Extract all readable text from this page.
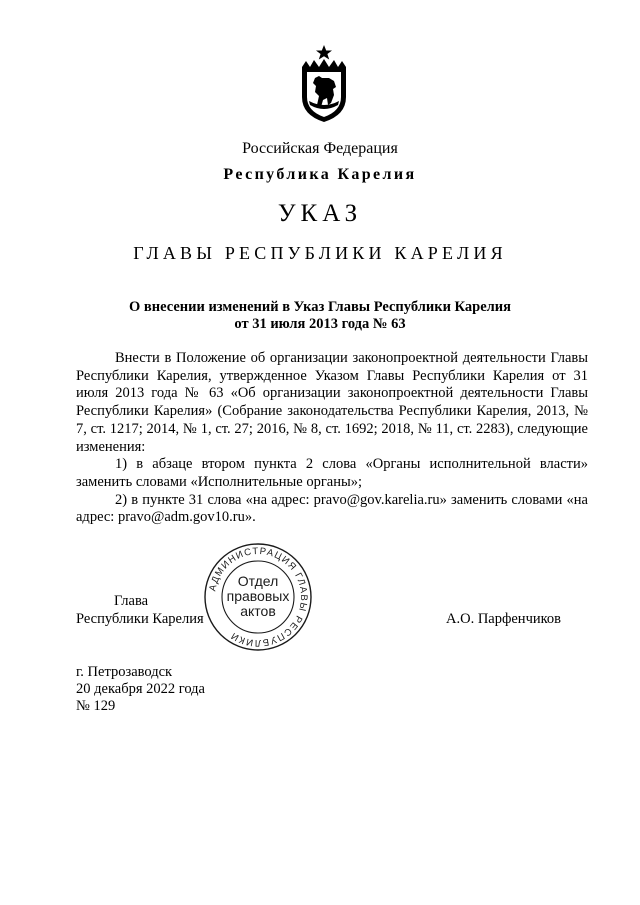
Российская Федерация
Республика Карелия
УКАЗ
ГЛАВЫ РЕСПУБЛИКИ КАРЕЛИЯ
О внесении изменений в Указ Главы Республики Карелия
от 31 июля 2013 года № 63

Внести в Положение об организации законопроектной деятельности Главы Республики Карелия, утвержденное Указом Главы Республики Карелия от 31 июля 2013 года № 63 «Об организации законопроектной деятельности Главы Республики Карелия» (Собрание законодательства Республики Карелия, 2013, № 7, ст. 1217; 2014, № 1, ст. 27; 2016, № 8, ст. 1692; 2018, № 11, ст. 2283), следующие изменения:

1) в абзаце втором пункта 2 слова «Органы исполнительной власти» заменить словами «Исполнительные органы»;

2) в пункте 31 слова «на адрес: pravo@gov.karelia.ru» заменить словами «на адрес: pravo@adm.gov10.ru».

Глава
Республики Карелия	А.О. Парфенчиков
АДМИНИСТРАЦИЯ ГЛАВЫ РЕСПУБЛИКИ
Отдел
правовых
актов
г. Петрозаводск
20 декабря 2022 года
№ 129
